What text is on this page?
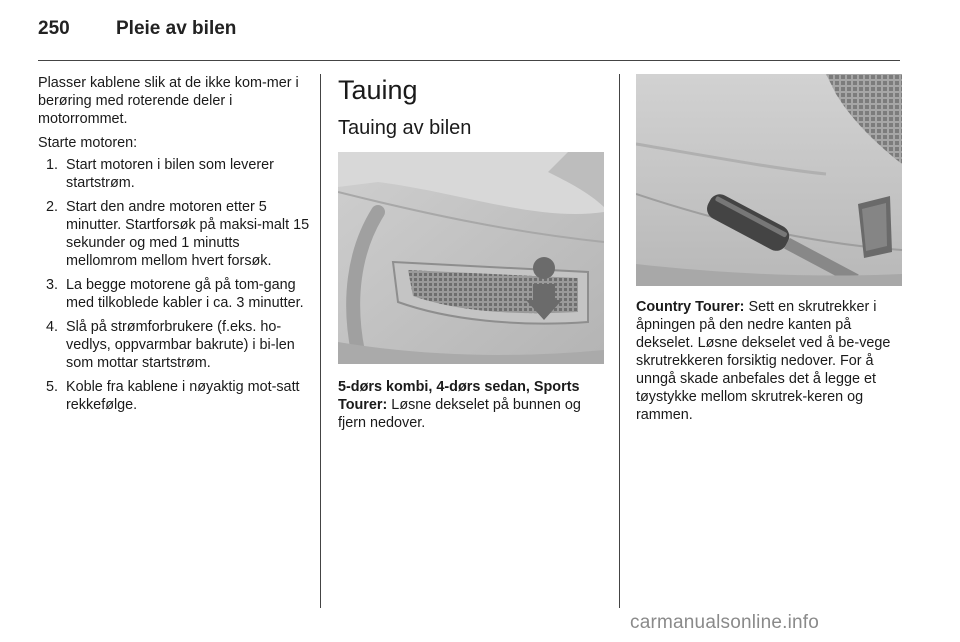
250 Pleie av bilen

Plasser kablene slik at de ikke kom-mer i berøring med roterende deler i motorrommet.

Starte motoren:

1. Start motoren i bilen som leverer startstrøm.
2. Start den andre motoren etter 5 minutter. Startforsøk på maksi-malt 15 sekunder og med 1 minutts mellomrom mellom hvert forsøk.
3. La begge motorene gå på tom-gang med tilkoblede kabler i ca. 3 minutter.
4. Slå på strømforbrukere (f.eks. ho-vedlys, oppvarmbar bakrute) i bi-len som mottar startstrøm.
5. Koble fra kablene i nøyaktig mot-satt rekkefølge.
Tauing
Tauing av bilen

5-dørs kombi, 4-dørs sedan, Sports Tourer: Løsne dekselet på bunnen og fjern nedover.

Country Tourer: Sett en skrutrekker i åpningen på den nedre kanten på dekselet. Løsne dekselet ved å be-vege skrutrekkeren forsiktig nedover. For å unngå skade anbefales det å legge et tøystykke mellom skrutrek-keren og rammen.

carmanualsonline.info
